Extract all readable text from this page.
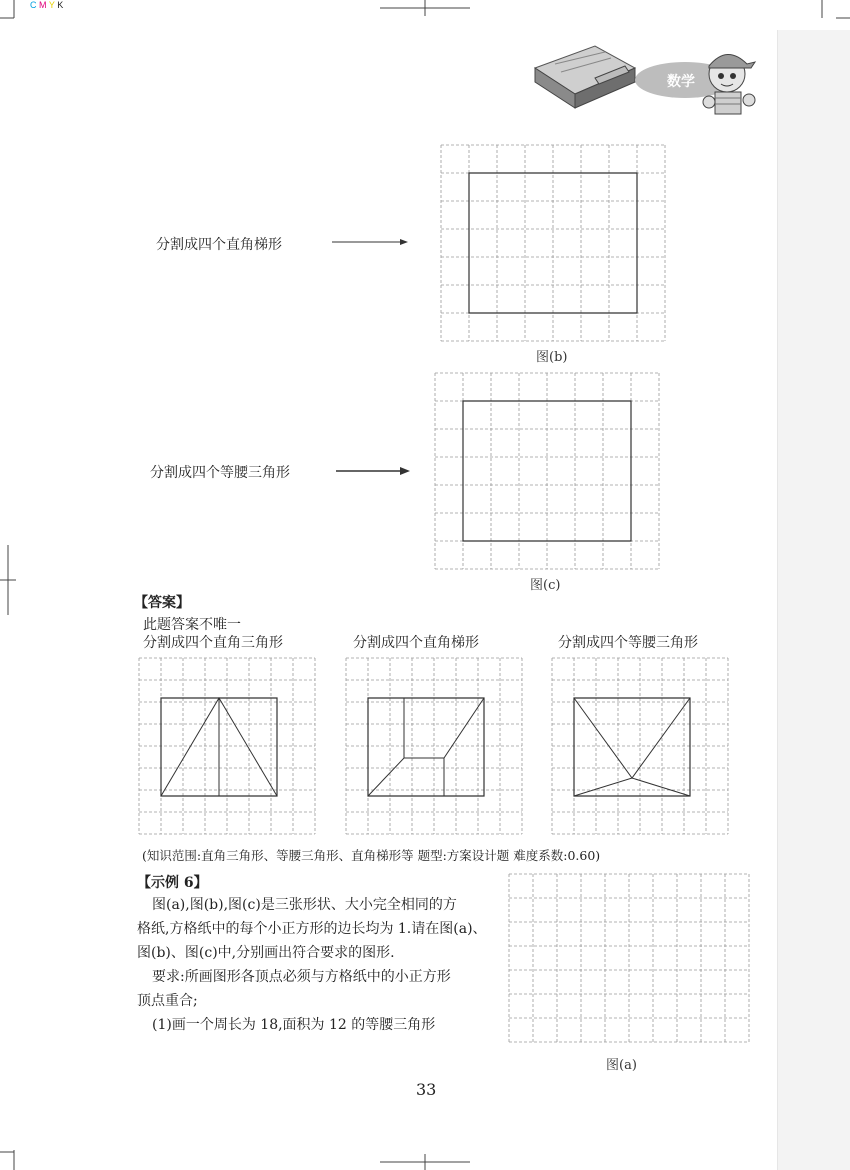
C M Y K
数学
分割成四个直角梯形
图(b)
分割成四个等腰三角形
图(c)
【答案】
此题答案不唯一
分割成四个直角三角形	分割成四个直角梯形	分割成四个等腰三角形
(知识范围:直角三角形、等腰三角形、直角梯形等 题型:方案设计题 难度系数:0.60)
【示例 6】
图(a),图(b),图(c)是三张形状、大小完全相同的方
格纸,方格纸中的每个小正方形的边长均为 1.请在图(a)、
图(b)、图(c)中,分别画出符合要求的图形.
要求:所画图形各顶点必须与方格纸中的小正方形
顶点重合;
(1)画一个周长为 18,面积为 12 的等腰三角形
图(a)
33
